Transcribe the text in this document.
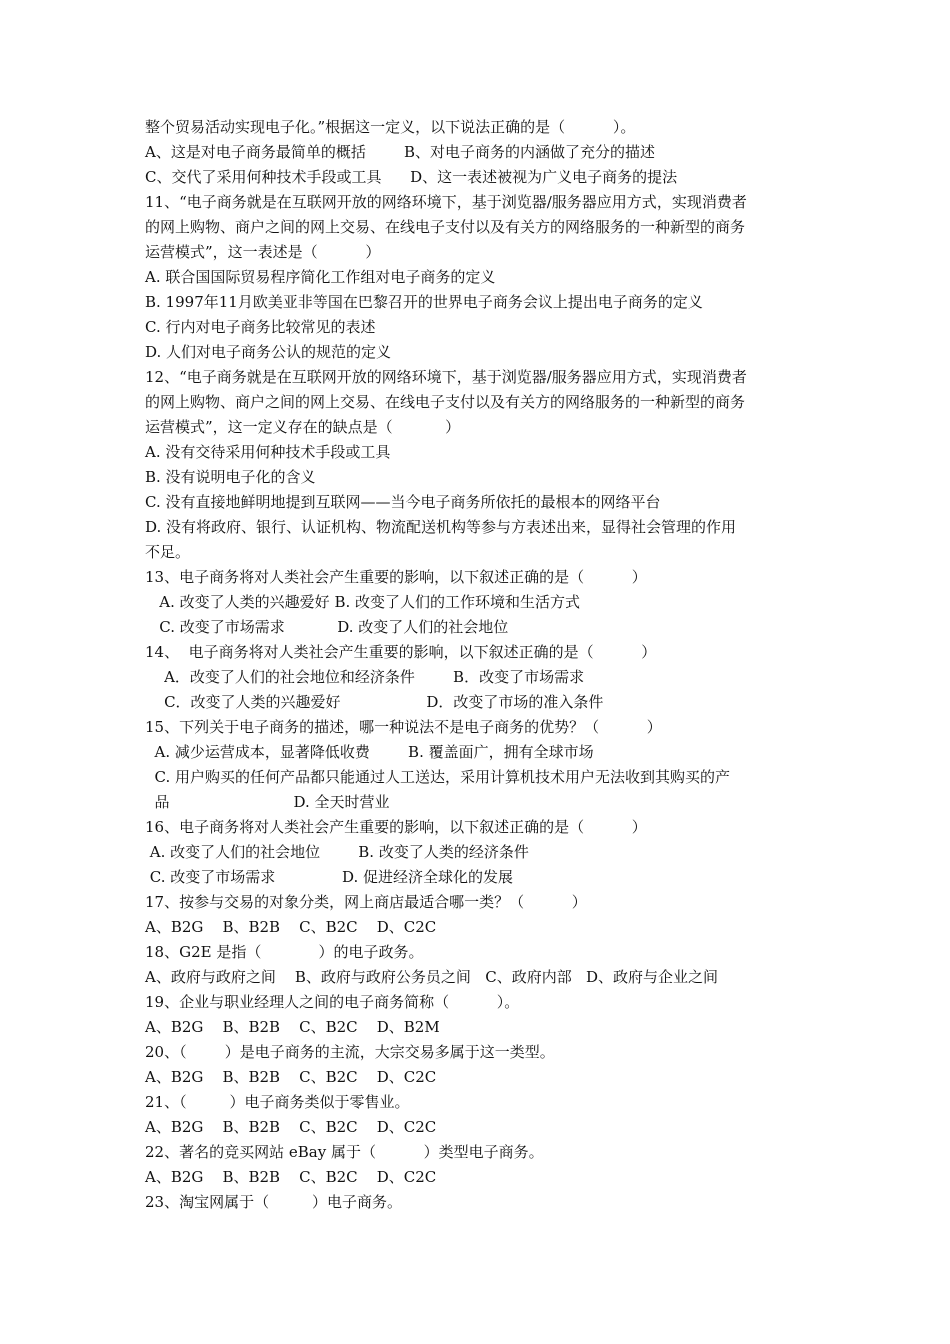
整个贸易活动实现电子化。”根据这一定义，以下说法正确的是（          ）。
A、这是对电子商务最简单的概括        B、对电子商务的内涵做了充分的描述
C、交代了采用何种技术手段或工具      D、这一表述被视为广义电子商务的提法
11、“电子商务就是在互联网开放的网络环境下，基于浏览器/服务器应用方式，实现消费者
的网上购物、商户之间的网上交易、在线电子支付以及有关方的网络服务的一种新型的商务
运营模式”，这一表述是（          ）
A. 联合国国际贸易程序简化工作组对电子商务的定义
B. 1997年11月欧美亚非等国在巴黎召开的世界电子商务会议上提出电子商务的定义
C. 行内对电子商务比较常见的表述
D. 人们对电子商务公认的规范的定义
12、“电子商务就是在互联网开放的网络环境下，基于浏览器/服务器应用方式，实现消费者
的网上购物、商户之间的网上交易、在线电子支付以及有关方的网络服务的一种新型的商务
运营模式”，这一定义存在的缺点是（           ）
A. 没有交待采用何种技术手段或工具
B. 没有说明电子化的含义
C. 没有直接地鲜明地提到互联网——当今电子商务所依托的最根本的网络平台
D. 没有将政府、银行、认证机构、物流配送机构等参与方表述出来，显得社会管理的作用
不足。
13、电子商务将对人类社会产生重要的影响，以下叙述正确的是（          ）
A. 改变了人类的兴趣爱好 B. 改变了人们的工作环境和生活方式
C. 改变了市场需求           D. 改变了人们的社会地位
14、  电子商务将对人类社会产生重要的影响，以下叙述正确的是（          ）
A．改变了人们的社会地位和经济条件        B．改变了市场需求
C．改变了人类的兴趣爱好                  D．改变了市场的准入条件
15、下列关于电子商务的描述，哪一种说法不是电子商务的优势？（          ）
A. 减少运营成本，显著降低收费        B. 覆盖面广，拥有全球市场
C. 用户购买的任何产品都只能通过人工送达，采用计算机技术用户无法收到其购买的产
品                          D. 全天时营业
16、电子商务将对人类社会产生重要的影响，以下叙述正确的是（          ）
A. 改变了人们的社会地位        B. 改变了人类的经济条件
C. 改变了市场需求              D. 促进经济全球化的发展
17、按参与交易的对象分类，网上商店最适合哪一类？（          ）
A、B2G    B、B2B    C、B2C    D、C2C
18、G2E 是指（            ）的电子政务。
A、政府与政府之间    B、政府与政府公务员之间   C、政府内部   D、政府与企业之间
19、企业与职业经理人之间的电子商务简称（          ）。
A、B2G    B、B2B    C、B2C    D、B2M
20、（        ）是电子商务的主流，大宗交易多属于这一类型。
A、B2G    B、B2B    C、B2C    D、C2C
21、（         ）电子商务类似于零售业。
A、B2G    B、B2B    C、B2C    D、C2C
22、著名的竞买网站 eBay 属于（          ）类型电子商务。
A、B2G    B、B2B    C、B2C    D、C2C
23、淘宝网属于（         ）电子商务。
